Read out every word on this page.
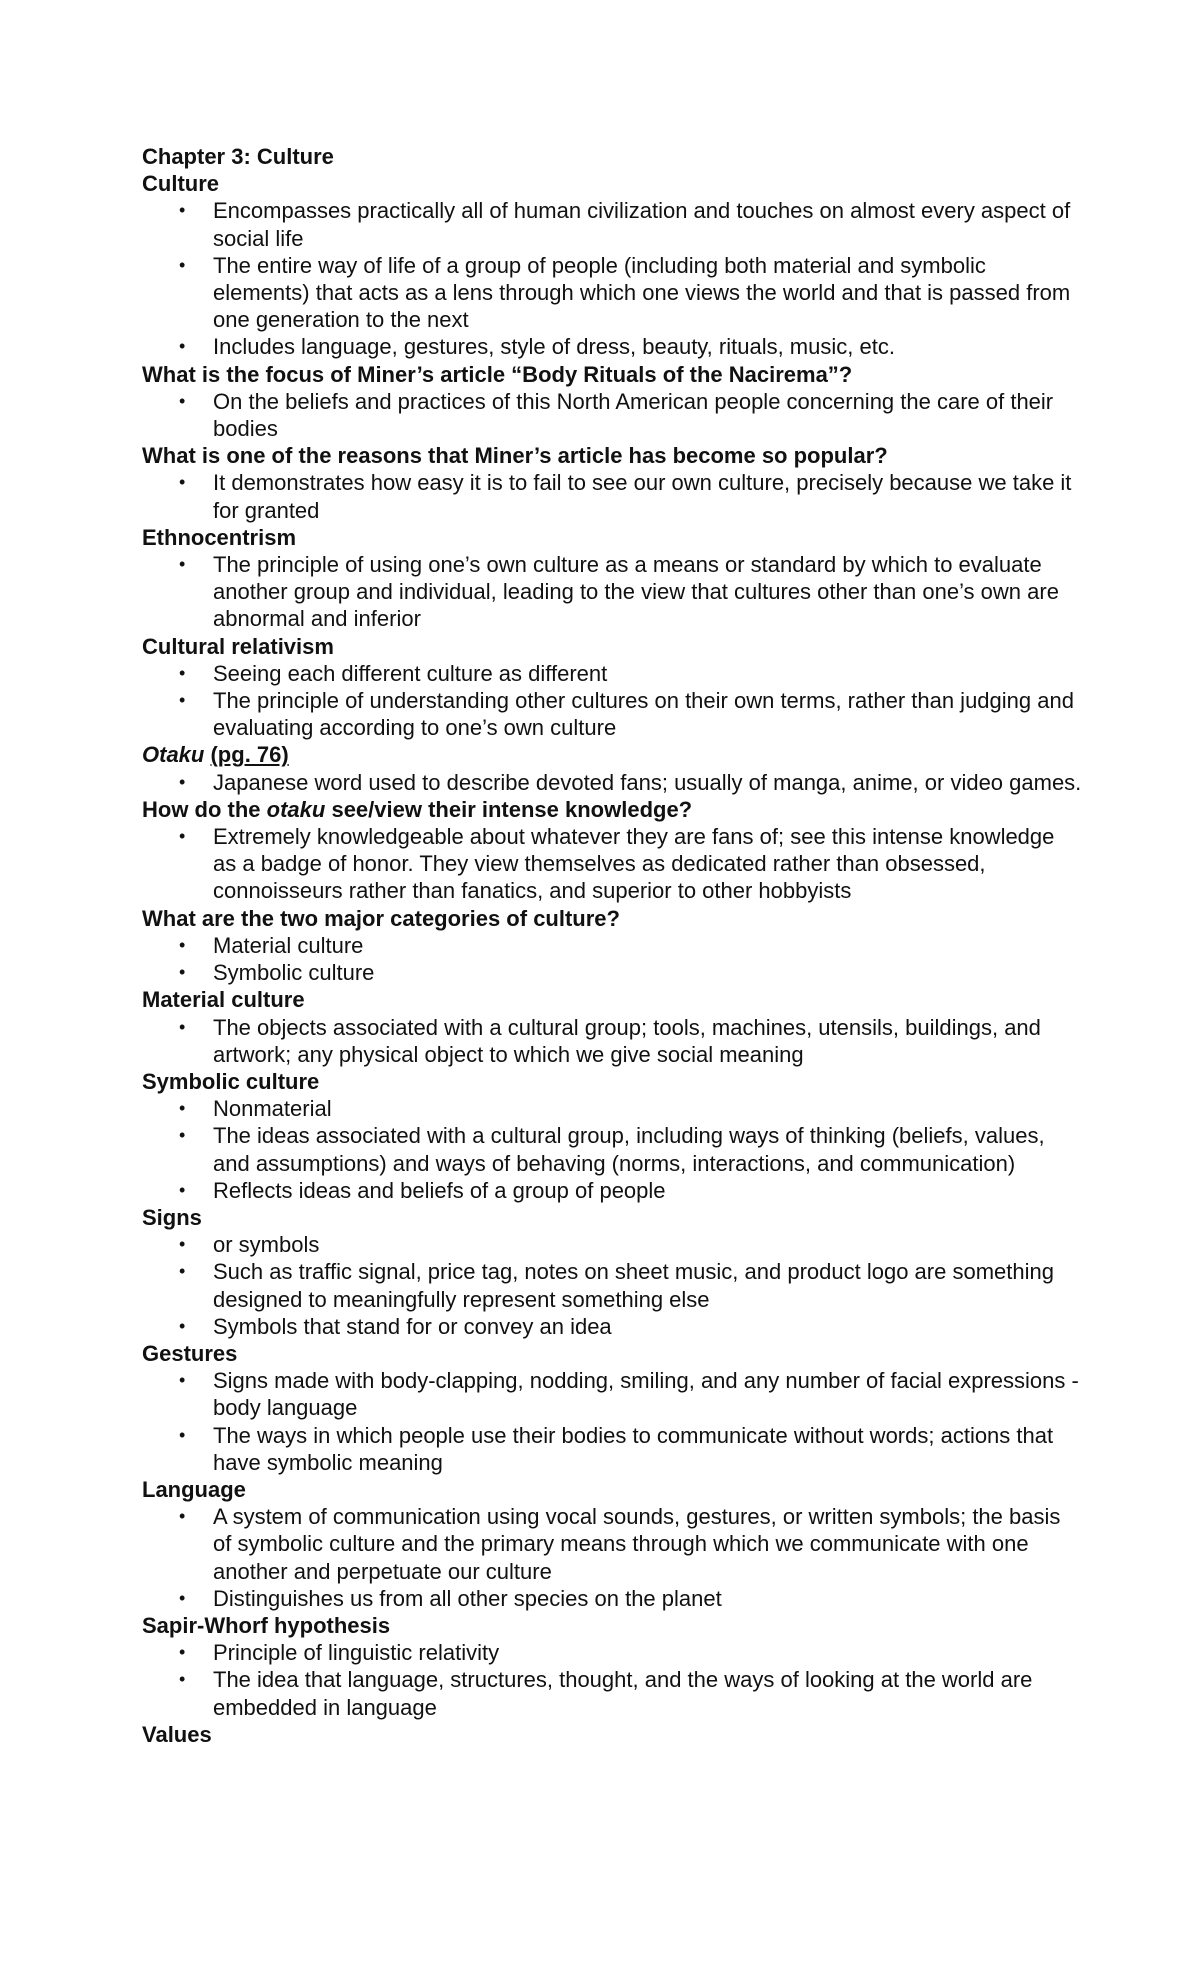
Chapter 3: Culture
Culture
• Encompasses practically all of human civilization and touches on almost every aspect of social life
• The entire way of life of a group of people (including both material and symbolic elements) that acts as a lens through which one views the world and that is passed from one generation to the next
• Includes language, gestures, style of dress, beauty, rituals, music, etc.
What is the focus of Miner’s article “Body Rituals of the Nacirema”?
• On the beliefs and practices of this North American people concerning the care of their bodies
What is one of the reasons that Miner’s article has become so popular?
• It demonstrates how easy it is to fail to see our own culture, precisely because we take it for granted
Ethnocentrism
• The principle of using one’s own culture as a means or standard by which to evaluate another group and individual, leading to the view that cultures other than one’s own are abnormal and inferior
Cultural relativism
• Seeing each different culture as different
• The principle of understanding other cultures on their own terms, rather than judging and evaluating according to one’s own culture
Otaku (pg. 76)
• Japanese word used to describe devoted fans; usually of manga, anime, or video games.
How do the otaku see/view their intense knowledge?
• Extremely knowledgeable about whatever they are fans of; see this intense knowledge as a badge of honor. They view themselves as dedicated rather than obsessed, connoisseurs rather than fanatics, and superior to other hobbyists
What are the two major categories of culture?
• Material culture
• Symbolic culture
Material culture
• The objects associated with a cultural group; tools, machines, utensils, buildings, and artwork; any physical object to which we give social meaning
Symbolic culture
• Nonmaterial
• The ideas associated with a cultural group, including ways of thinking (beliefs, values, and assumptions) and ways of behaving (norms, interactions, and communication)
• Reflects ideas and beliefs of a group of people
Signs
• or symbols
• Such as traffic signal, price tag, notes on sheet music, and product logo are something designed to meaningfully represent something else
• Symbols that stand for or convey an idea
Gestures
• Signs made with body-clapping, nodding, smiling, and any number of facial expressions - body language
• The ways in which people use their bodies to communicate without words; actions that have symbolic meaning
Language
• A system of communication using vocal sounds, gestures, or written symbols; the basis of symbolic culture and the primary means through which we communicate with one another and perpetuate our culture
• Distinguishes us from all other species on the planet
Sapir-Whorf hypothesis
• Principle of linguistic relativity
• The idea that language, structures, thought, and the ways of looking at the world are embedded in language
Values
